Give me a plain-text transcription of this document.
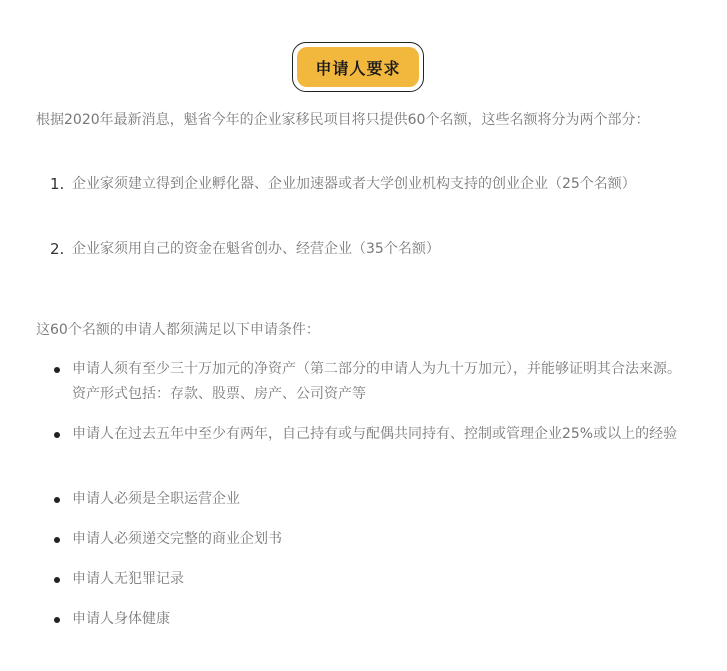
申请人要求

根据2020年最新消息，魁省今年的企业家移民项目将只提供60个名额，这些名额将分为两个部分：

1. 企业家须建立得到企业孵化器、企业加速器或者大学创业机构支持的创业企业（25个名额）
2. 企业家须用自己的资金在魁省创办、经营企业（35个名额）

这60个名额的申请人都须满足以下申请条件：

申请人须有至少三十万加元的净资产（第二部分的申请人为九十万加元），并能够证明其合法来源。资产形式包括：存款、股票、房产、公司资产等
申请人在过去五年中至少有两年，自己持有或与配偶共同持有、控制或管理企业25%或以上的经验
申请人必须是全职运营企业
申请人必须递交完整的商业企划书
申请人无犯罪记录
申请人身体健康
